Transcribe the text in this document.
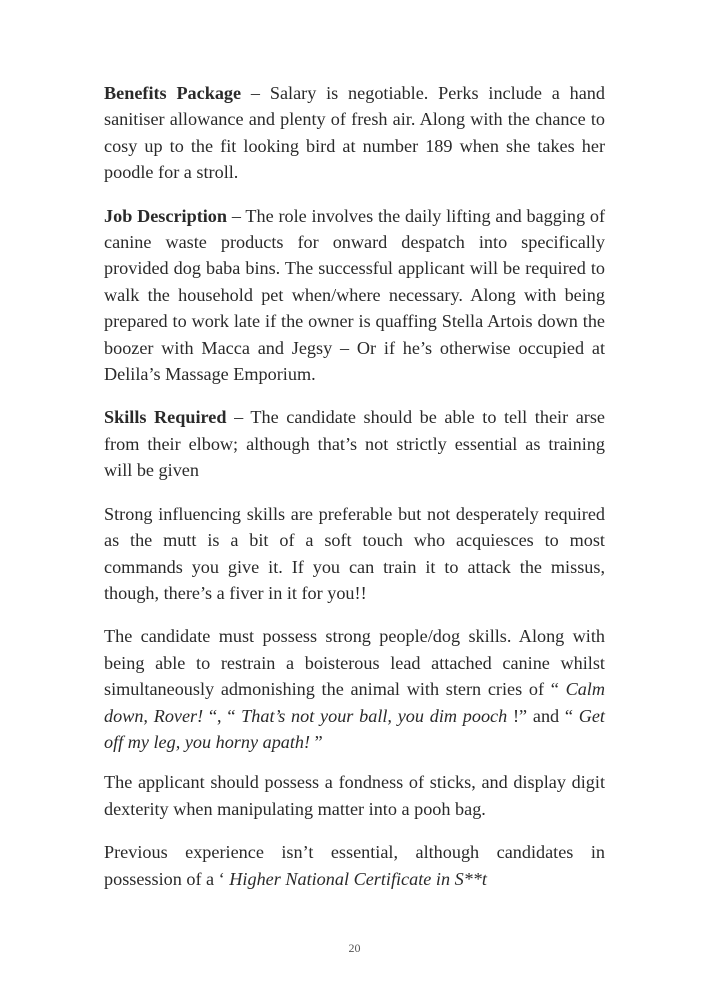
Benefits Package – Salary is negotiable. Perks include a hand sanitiser allowance and plenty of fresh air. Along with the chance to cosy up to the fit looking bird at number 189 when she takes her poodle for a stroll.

Job Description – The role involves the daily lifting and bagging of canine waste products for onward despatch into specifically provided dog baba bins. The successful applicant will be required to walk the household pet when/where necessary. Along with being prepared to work late if the owner is quaffing Stella Artois down the boozer with Macca and Jegsy – Or if he’s otherwise occupied at Delila’s Massage Emporium.

Skills Required – The candidate should be able to tell their arse from their elbow; although that’s not strictly essential as training will be given

Strong influencing skills are preferable but not desperately required as the mutt is a bit of a soft touch who acquiesces to most commands you give it. If you can train it to attack the missus, though, there’s a fiver in it for you!!

The candidate must possess strong people/dog skills. Along with being able to restrain a boisterous lead attached canine whilst simultaneously admonishing the animal with stern cries of “ Calm down, Rover! “, “ That’s not your ball, you dim pooch !” and “ Get off my leg, you horny apath! ”

The applicant should possess a fondness of sticks, and display digit dexterity when manipulating matter into a pooh bag.

Previous experience isn’t essential, although candidates in possession of a ‘ Higher National Certificate in S**t

20
